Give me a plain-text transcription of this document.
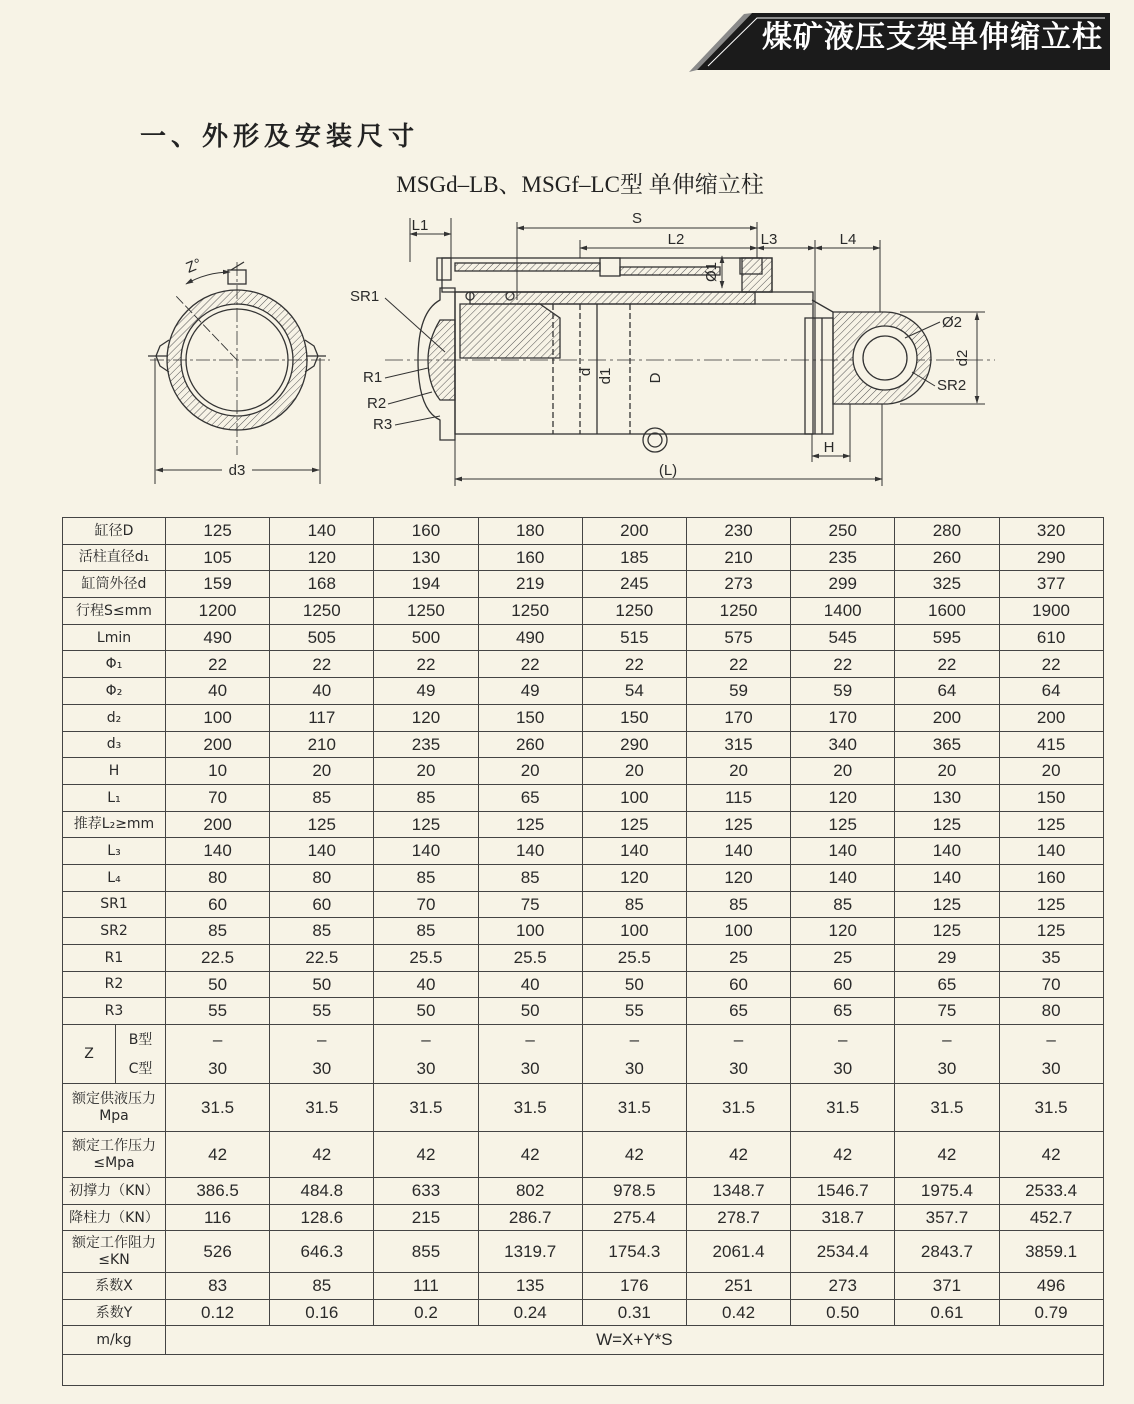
煤矿液压支架单伸缩立柱
一、外形及安装尺寸
MSGd–LB、MSGf–LC型 单伸缩立柱
Z°
d3
L1	S
L2	L3	L4
Ø1
SR1
R1
R2
R3
d d1 D
Ø2
d2
SR2
H
(L)
缸径D		125	140	160	180	200	230	250	280	320
活柱直径d₁		105	120	130	160	185	210	235	260	290
缸筒外径d		159	168	194	219	245	273	299	325	377
行程S≤mm		1200	1250	1250	1250	1250	1250	1400	1600	1900
Lmin		490	505	500	490	515	575	545	595	610
Φ₁		22	22	22	22	22	22	22	22	22
Φ₂		40	40	49	49	54	59	59	64	64
d₂		100	117	120	150	150	170	170	200	200
d₃		200	210	235	260	290	315	340	365	415
H		10	20	20	20	20	20	20	20	20
L₁		70	85	85	65	100	115	120	130	150
推荐L₂≥mm		200	125	125	125	125	125	125	125	125
L₃		140	140	140	140	140	140	140	140	140
L₄		80	80	85	85	120	120	140	140	160
SR1		60	60	70	75	85	85	85	125	125
SR2		85	85	85	100	100	100	120	125	125
R1		22.5	22.5	25.5	25.5	25.5	25	25	29	35
R2		50	50	40	40	50	60	60	65	70
R3		55	55	50	50	55	65	65	75	80
Z	B型	–	–	–	–	–	–	–	–	–
	C型	30	30	30	30	30	30	30	30	30
额定供液压力
Mpa		31.5	31.5	31.5	31.5	31.5	31.5	31.5	31.5	31.5
额定工作压力
≤Mpa		42	42	42	42	42	42	42	42	42
初撑力（KN）		386.5	484.8	633	802	978.5	1348.7	1546.7	1975.4	2533.4
降柱力（KN）		116	128.6	215	286.7	275.4	278.7	318.7	357.7	452.7
额定工作阻力
≤KN		526	646.3	855	1319.7	1754.3	2061.4	2534.4	2843.7	3859.1
系数X		83	85	111	135	176	251	273	371	496
系数Y		0.12	0.16	0.2	0.24	0.31	0.42	0.50	0.61	0.79
m/kg		W=X+Y*S								
